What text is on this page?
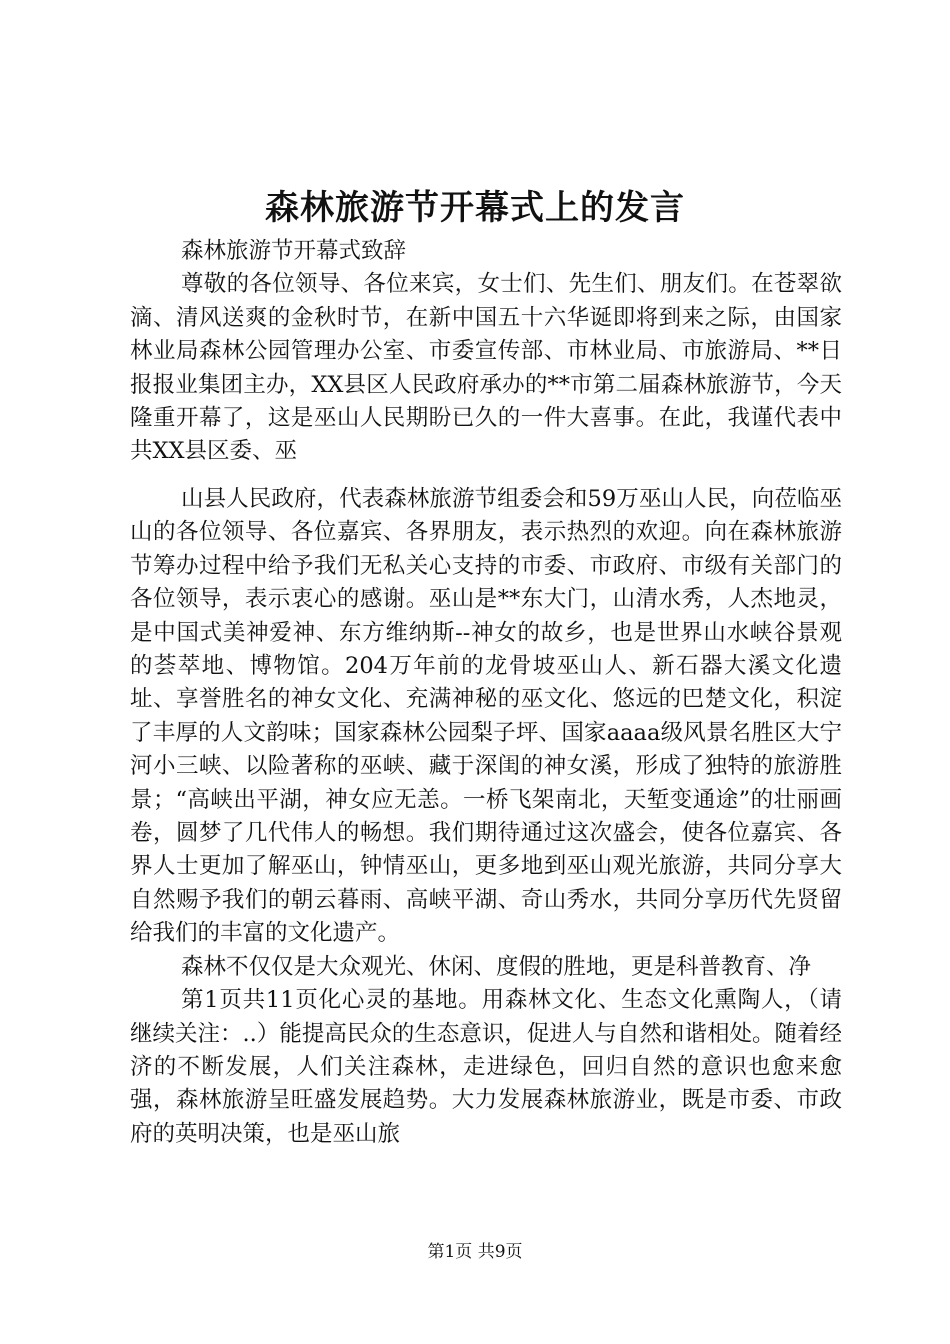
森林旅游节开幕式上的发言

森林旅游节开幕式致辞

尊敬的各位领导、各位来宾，女士们、先生们、朋友们。在苍翠欲滴、清风送爽的金秋时节，在新中国五十六华诞即将到来之际，由国家林业局森林公园管理办公室、市委宣传部、市林业局、市旅游局、**日报报业集团主办，XX县区人民政府承办的**市第二届森林旅游节，今天隆重开幕了，这是巫山人民期盼已久的一件大喜事。在此，我谨代表中共XX县区委、巫

山县人民政府，代表森林旅游节组委会和59万巫山人民，向莅临巫山的各位领导、各位嘉宾、各界朋友，表示热烈的欢迎。向在森林旅游节筹办过程中给予我们无私关心支持的市委、市政府、市级有关部门的各位领导，表示衷心的感谢。巫山是**东大门，山清水秀，人杰地灵，是中国式美神爱神、东方维纳斯--神女的故乡，也是世界山水峡谷景观的荟萃地、博物馆。204万年前的龙骨坡巫山人、新石器大溪文化遗址、享誉胜名的神女文化、充满神秘的巫文化、悠远的巴楚文化，积淀了丰厚的人文韵味；国家森林公园梨子坪、国家aaaa级风景名胜区大宁河小三峡、以险著称的巫峡、藏于深闺的神女溪，形成了独特的旅游胜景；“高峡出平湖，神女应无恙。一桥飞架南北，天堑变通途”的壮丽画卷，圆梦了几代伟人的畅想。我们期待通过这次盛会，使各位嘉宾、各界人士更加了解巫山，钟情巫山，更多地到巫山观光旅游，共同分享大自然赐予我们的朝云暮雨、高峡平湖、奇山秀水，共同分享历代先贤留给我们的丰富的文化遗产。

森林不仅仅是大众观光、休闲、度假的胜地，更是科普教育、净

第1页共11页化心灵的基地。用森林文化、生态文化熏陶人，（请继续关注：..）能提高民众的生态意识，促进人与自然和谐相处。随着经济的不断发展，人们关注森林，走进绿色，回归自然的意识也愈来愈强，森林旅游呈旺盛发展趋势。大力发展森林旅游业，既是市委、市政府的英明决策，也是巫山旅

第1页 共9页
